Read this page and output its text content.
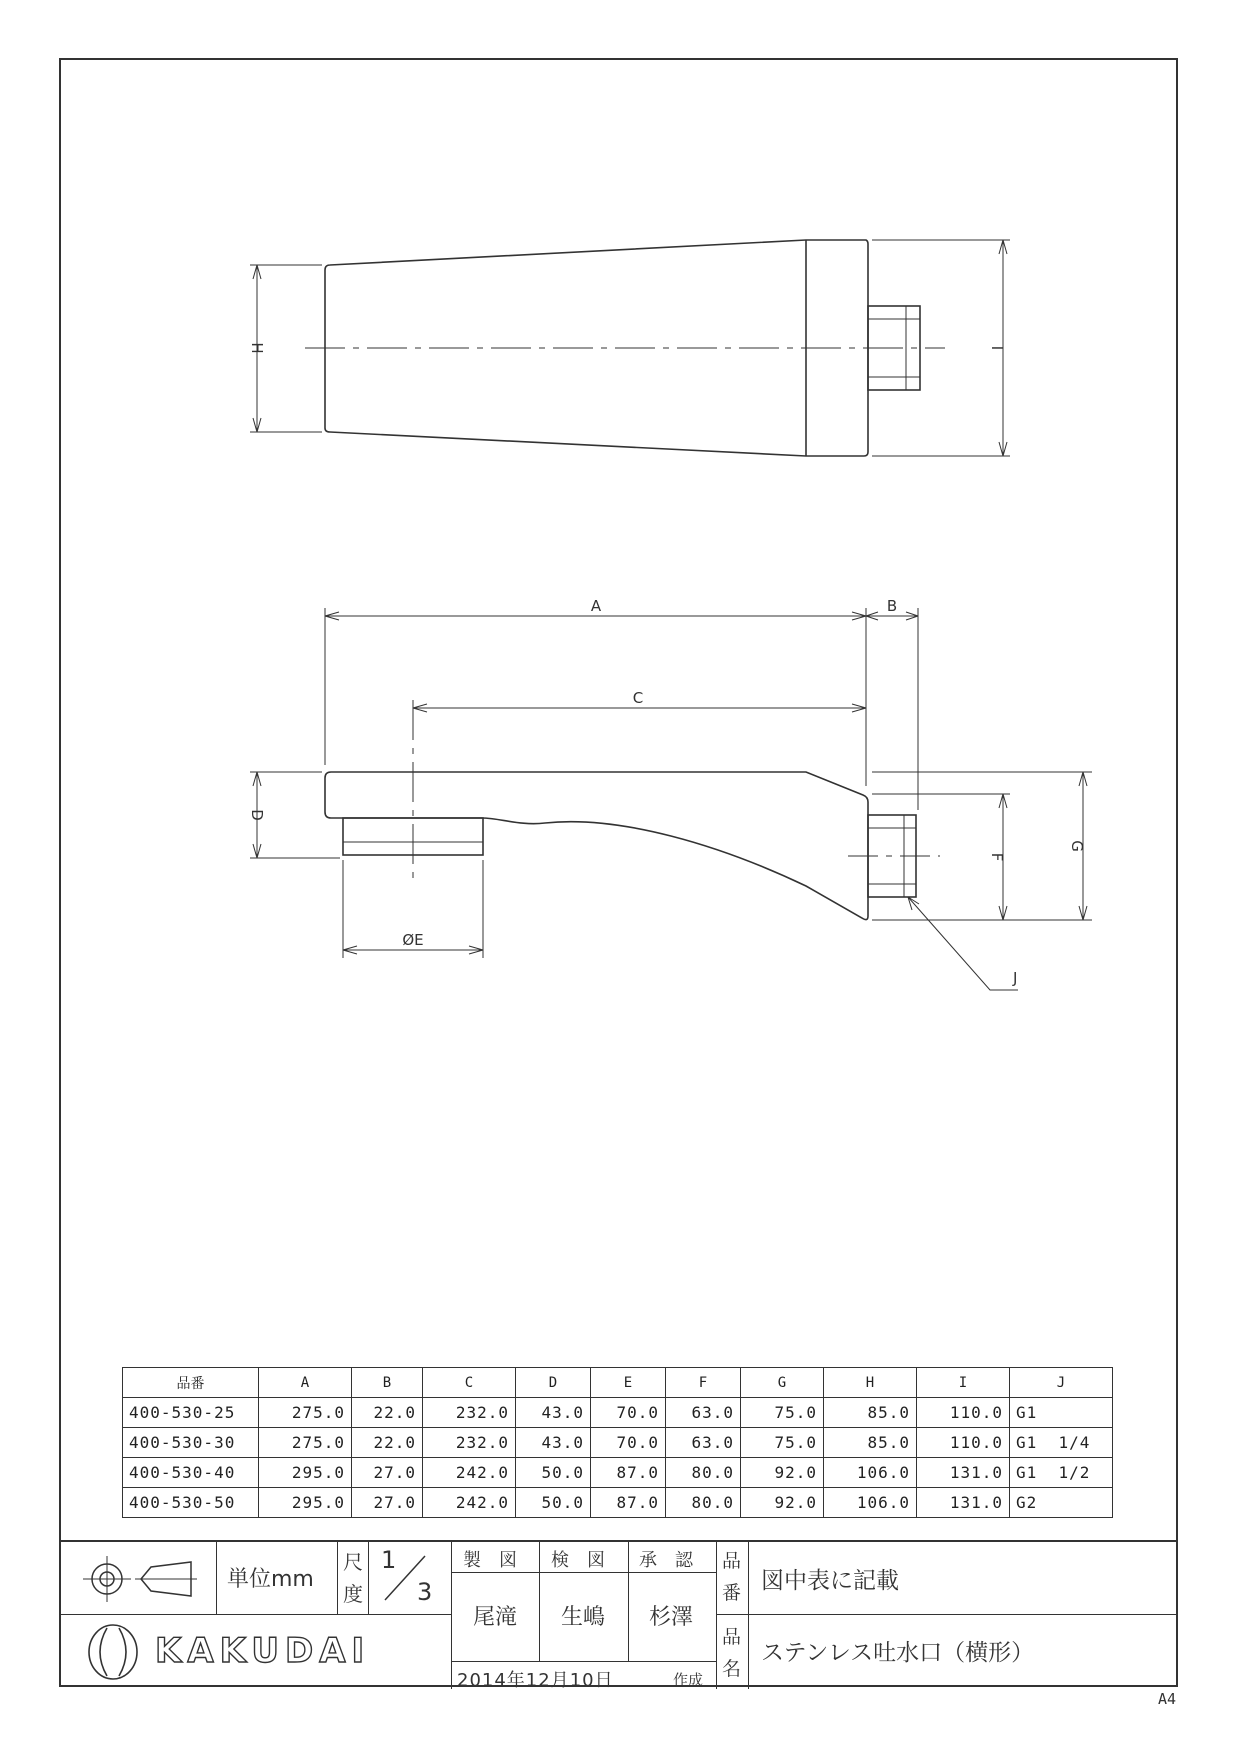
H	I
A	B
C
D
ØE
F
G
J
品番	A	B	C	D	E	F	G	H	I	J
400-530-25	275.0	22.0	232.0	43.0	70.0	63.0	75.0	85.0	110.0	G1
400-530-30	275.0	22.0	232.0	43.0	70.0	63.0	75.0	85.0	110.0	G1  1/4
400-530-40	295.0	27.0	242.0	50.0	87.0	80.0	92.0	106.0	131.0	G1  1/2
400-530-50	295.0	27.0	242.0	50.0	87.0	80.0	92.0	106.0	131.0	G2
単位mm
尺
度
1
3
製　図 検　図 承　認
尾滝 生嶋 杉澤
品
番 図中表に記載
品
名
ステンレス吐水口（横形）
KAKUDAI
2014年12月10日	作成
A4
